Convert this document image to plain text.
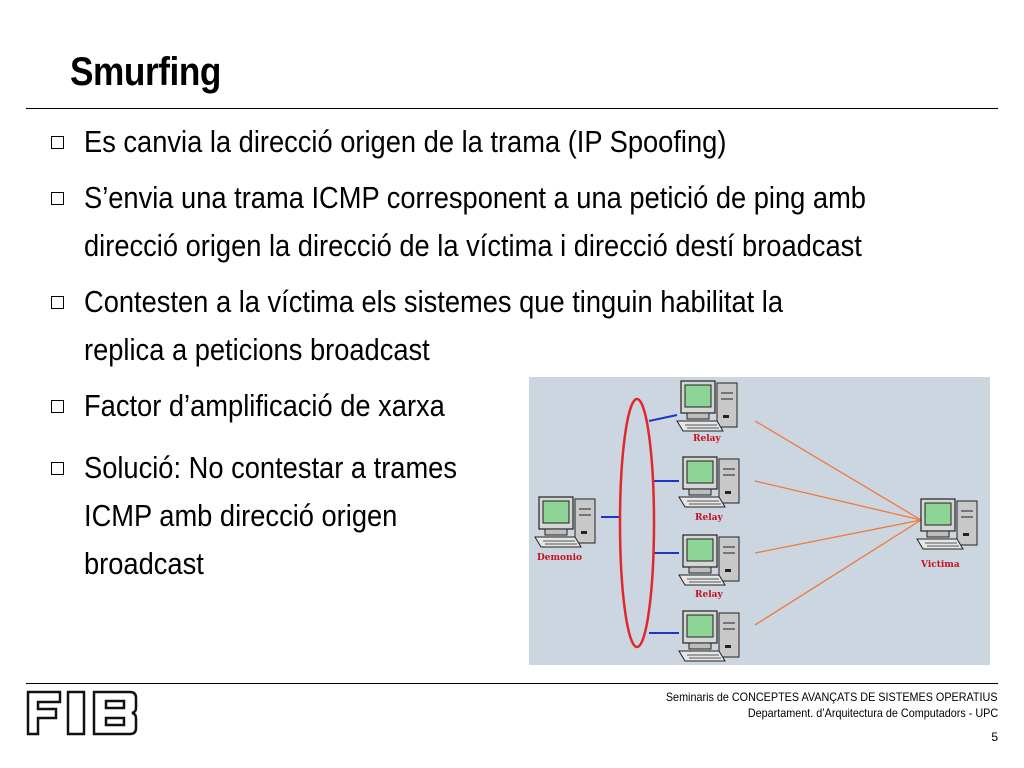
Smurfing
Es canvia la direcció origen de la trama (IP Spoofing)
S’envia una trama ICMP corresponent a una petició de ping amb direcció origen la direcció de la víctima i direcció destí broadcast
Contesten a la víctima els sistemes que tinguin habilitat la replica a peticions broadcast
Factor d’amplificació de xarxa
Solució: No contestar a trames ICMP amb direcció origen broadcast	Demonio
Relay
Relay
Relay
Victima
Seminaris de CONCEPTES AVANÇATS DE SISTEMES OPERATIUS
Departament. d’Arquitectura de Computadors - UPC
5
